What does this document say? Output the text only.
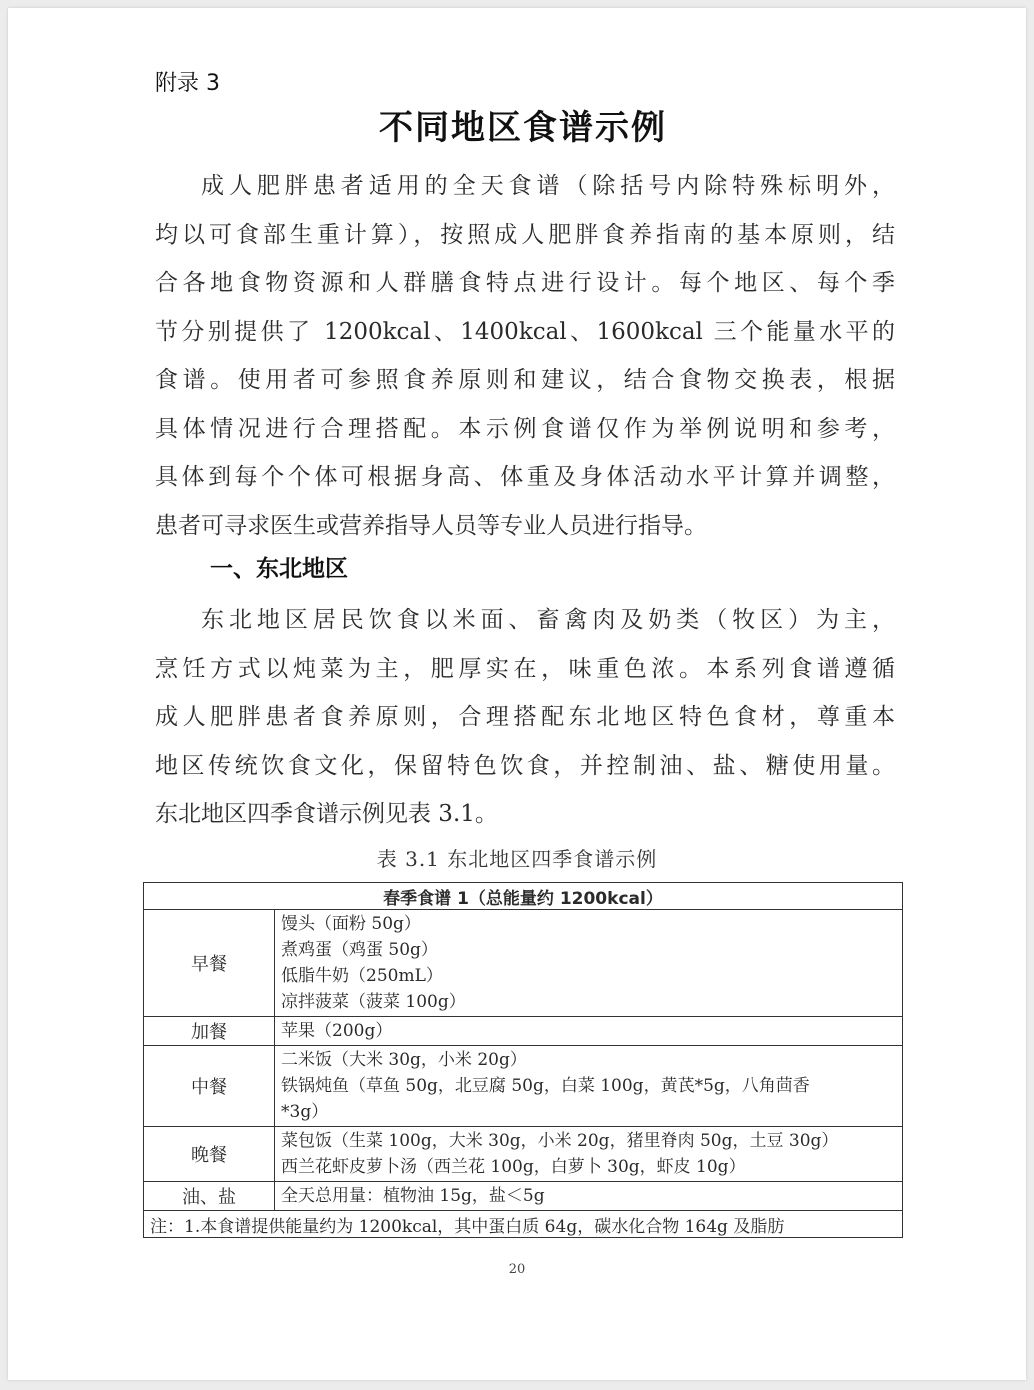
附录 3
不同地区食谱示例
成人肥胖患者适用的全天食谱（除括号内除特殊标明外，
均以可食部生重计算），按照成人肥胖食养指南的基本原则，结
合各地食物资源和人群膳食特点进行设计。每个地区、每个季
节分别提供了 1200kcal、1400kcal、1600kcal 三个能量水平的
食谱。使用者可参照食养原则和建议，结合食物交换表，根据
具体情况进行合理搭配。本示例食谱仅作为举例说明和参考，
具体到每个个体可根据身高、体重及身体活动水平计算并调整，
患者可寻求医生或营养指导人员等专业人员进行指导。
一、东北地区
东北地区居民饮食以米面、畜禽肉及奶类（牧区）为主，
烹饪方式以炖菜为主，肥厚实在，味重色浓。本系列食谱遵循
成人肥胖患者食养原则，合理搭配东北地区特色食材，尊重本
地区传统饮食文化，保留特色饮食，并控制油、盐、糖使用量。
东北地区四季食谱示例见表 3.1。
表 3.1 东北地区四季食谱示例
春季食谱 1（总能量约 1200kcal）	
早餐	馒头（面粉 50g）
煮鸡蛋（鸡蛋 50g）
低脂牛奶（250mL）
凉拌菠菜（菠菜 100g）

加餐	苹果（200g）

中餐	二米饭（大米 30g，小米 20g）
铁锅炖鱼（草鱼 50g，北豆腐 50g，白菜 100g，黄芪*5g，八角茴香
*3g）

晚餐	菜包饭（生菜 100g，大米 30g，小米 20g，猪里脊肉 50g，土豆 30g）
西兰花虾皮萝卜汤（西兰花 100g，白萝卜 30g，虾皮 10g）

油、盐	全天总用量：植物油 15g，盐＜5g

注：1.本食谱提供能量约为 1200kcal，其中蛋白质 64g，碳水化合物 164g 及脂肪	
20
